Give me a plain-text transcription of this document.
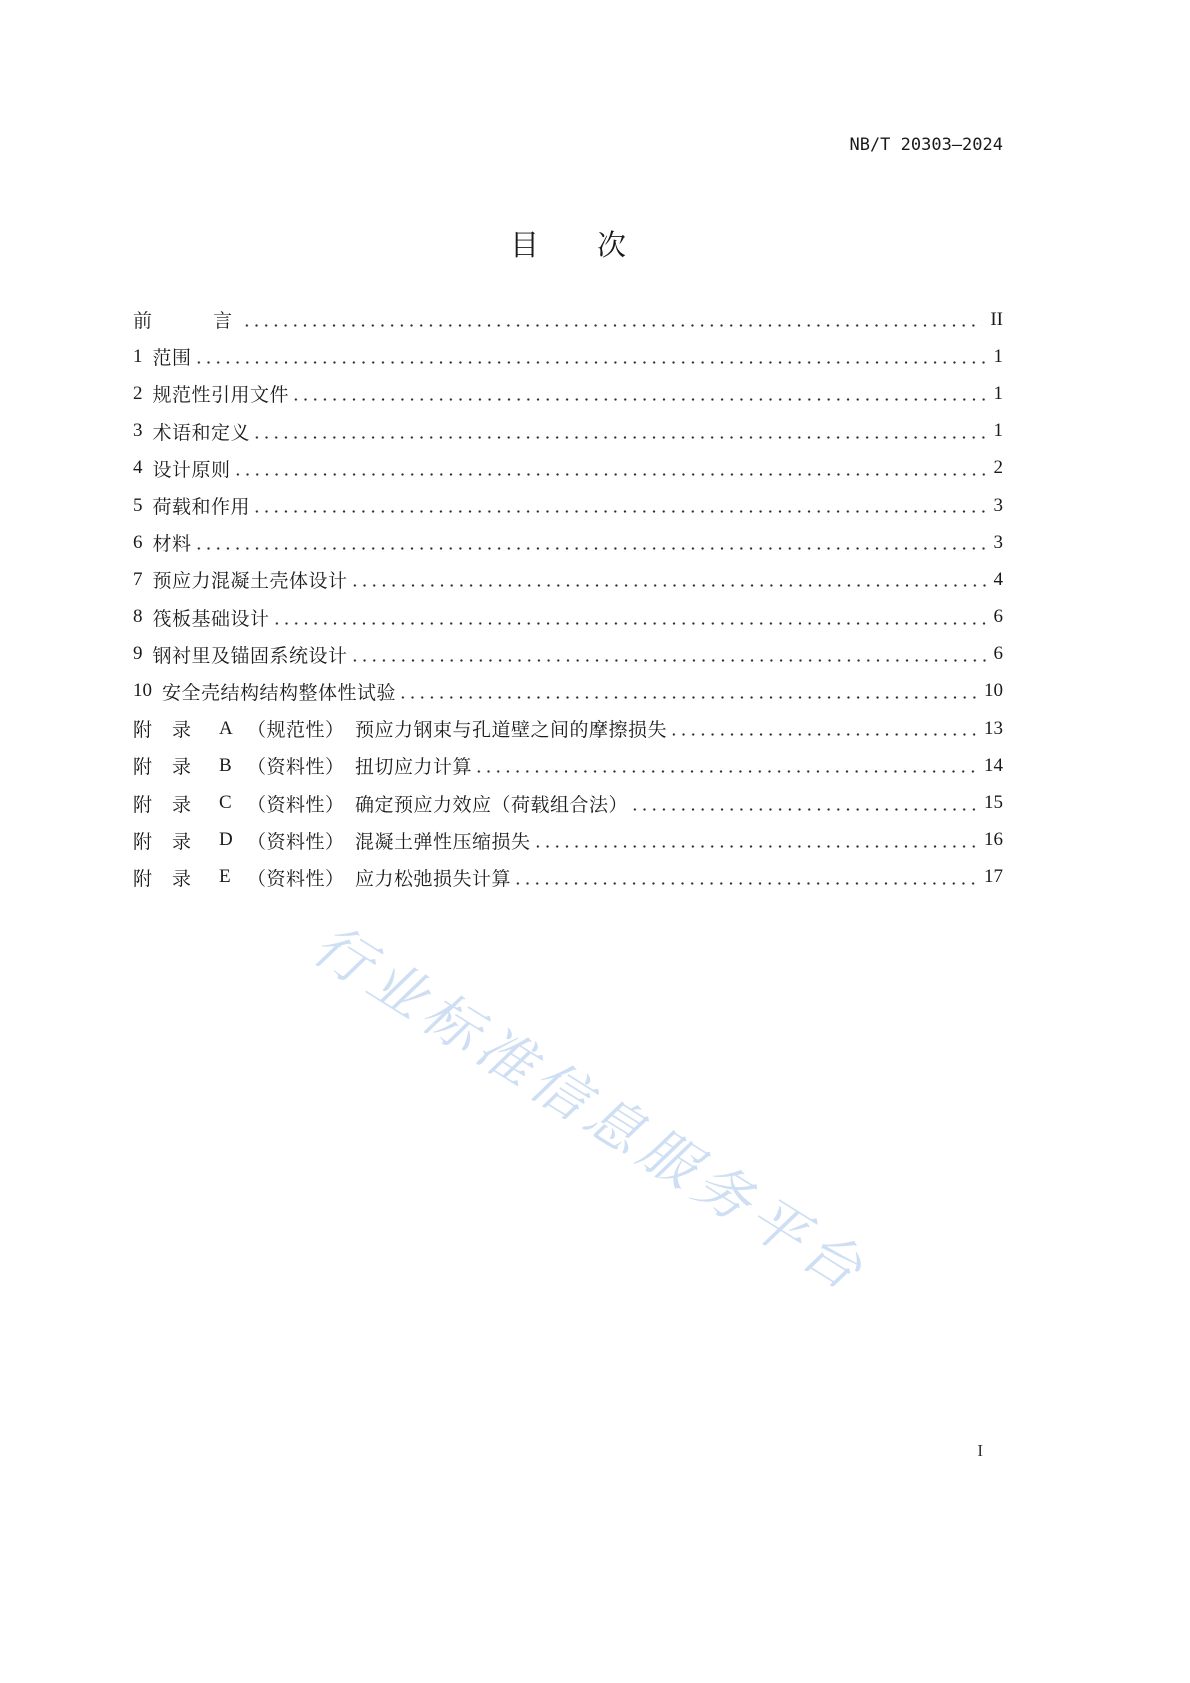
NB/T 20303—2024
目　　次
前　　言	II
1 范围	1
2 规范性引用文件	1
3 术语和定义	1
4 设计原则	2
5 荷载和作用	3
6 材料	3
7 预应力混凝土壳体设计	4
8 筏板基础设计	6
9 钢衬里及锚固系统设计	6
10 安全壳结构结构整体性试验	10
附　录	A （规范性） 预应力钢束与孔道壁之间的摩擦损失	13
附　录	B （资料性） 扭切应力计算	14
附　录	C （资料性） 确定预应力效应（荷载组合法）	15
附　录	D （资料性） 混凝土弹性压缩损失	16
附　录	E （资料性） 应力松弛损失计算	17
行业标准信息服务平台
I
